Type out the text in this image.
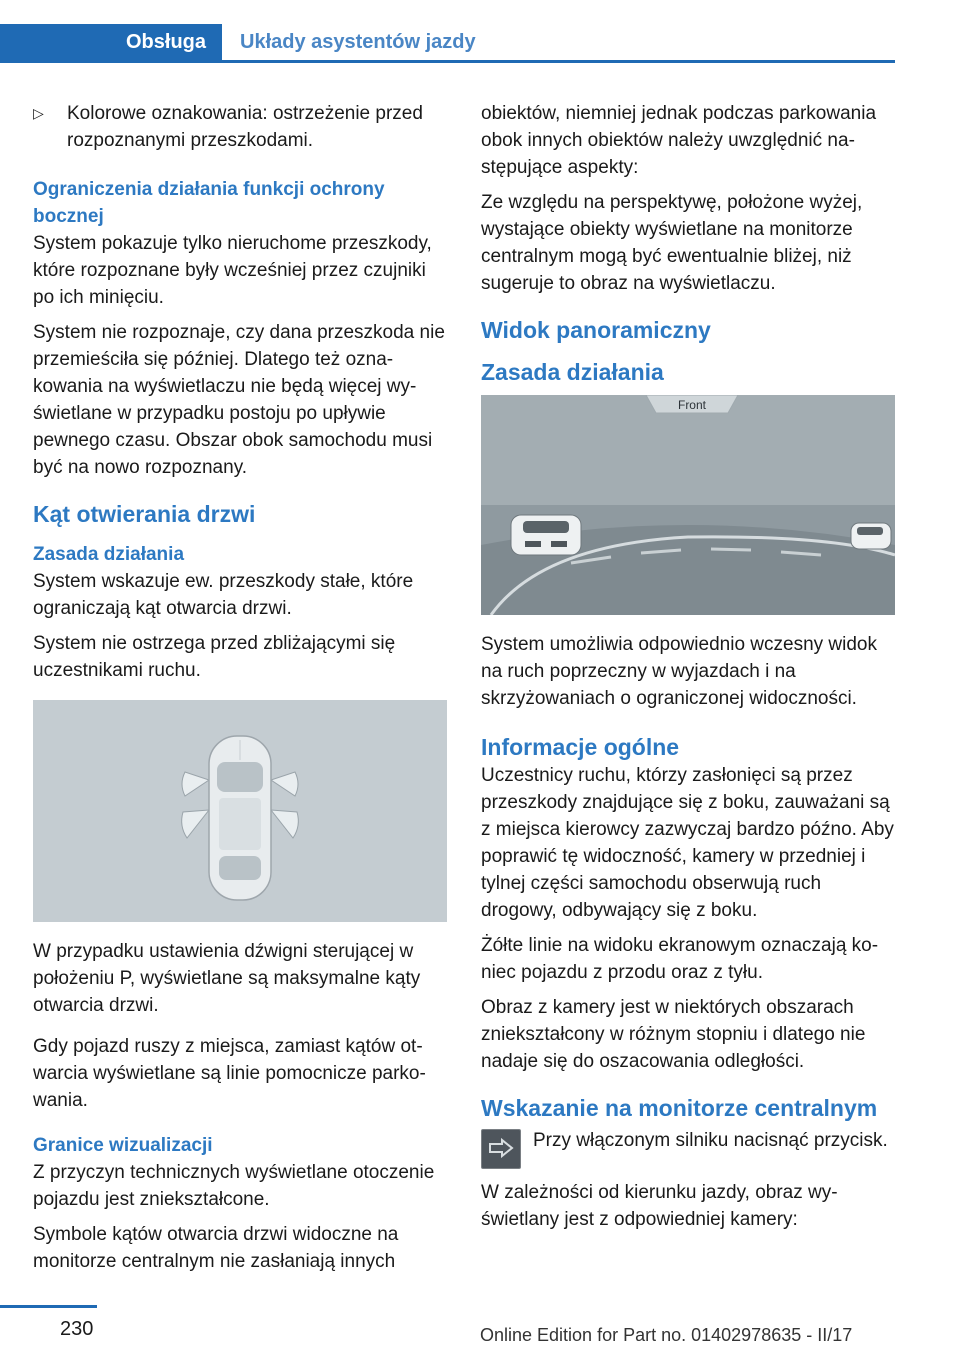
Obsługa	Układy asystentów jazdy
▷ Kolorowe oznakowania: ostrzeżenie przed rozpoznanymi przeszkodami.
Ograniczenia działania funkcji ochrony bocznej

System pokazuje tylko nieruchome przeszkody, które rozpoznane były wcześniej przez czujniki po ich minięciu.

System nie rozpoznaje, czy dana przeszkoda nie przemieściła się później. Dlatego też oznakowania na wyświetlaczu nie będą więcej wyświetlane w przypadku postoju po upływie pewnego czasu. Obszar obok samochodu musi być na nowo rozpoznany.

Kąt otwierania drzwi
Zasada działania

System wskazuje ew. przeszkody stałe, które ograniczają kąt otwarcia drzwi.

System nie ostrzega przed zbliżającymi się uczestnikami ruchu.

W przypadku ustawienia dźwigni sterującej w położeniu P, wyświetlane są maksymalne kąty otwarcia drzwi.

Gdy pojazd ruszy z miejsca, zamiast kątów otwarcia wyświetlane są linie pomocnicze parkowania.

Granice wizualizacji

Z przyczyn technicznych wyświetlane otoczenie pojazdu jest zniekształcone.

Symbole kątów otwarcia drzwi widoczne na monitorze centralnym nie zasłaniają innych

obiektów, niemniej jednak podczas parkowania obok innych obiektów należy uwzględnić następujące aspekty:

Ze względu na perspektywę, położone wyżej, wystające obiekty wyświetlane na monitorze centralnym mogą być ewentualnie bliżej, niż sugeruje to obraz na wyświetlaczu.

Widok panoramiczny
Zasada działania
Front

System umożliwia odpowiednio wczesny widok na ruch poprzeczny w wyjazdach i na skrzyżowaniach o ograniczonej widoczności.

Informacje ogólne

Uczestnicy ruchu, którzy zasłonięci są przez przeszkody znajdujące się z boku, zauważani są z miejsca kierowcy zazwyczaj bardzo późno. Aby poprawić tę widoczność, kamery w przedniej i tylnej części samochodu obserwują ruch drogowy, odbywający się z boku.

Żółte linie na widoku ekranowym oznaczają koniec pojazdu z przodu oraz z tyłu.

Obraz z kamery jest w niektórych obszarach zniekształcony w różnym stopniu i dlatego nie nadaje się do oszacowania odległości.

Wskazanie na monitorze centralnym
Przy włączonym silniku nacisnąć przycisk.

W zależności od kierunku jazdy, obraz wyświetlany jest z odpowiedniej kamery:

230	Online Edition for Part no. 01402978635 - II/17
